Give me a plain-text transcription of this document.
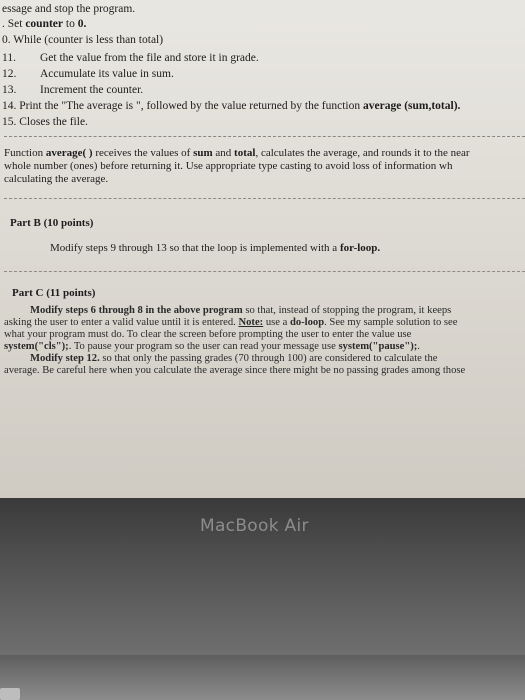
essage and stop the program.
. Set counter to 0.
0. While (counter is less than total)
11. Get the value from the file and store it in grade.
12. Accumulate its value in sum.
13. Increment the counter.
14. Print the "The average is ", followed by the value returned by the function average (sum,total).
15. Closes the file.
Function average( ) receives the values of sum and total, calculates the average, and rounds it to the near
whole number (ones) before returning it. Use appropriate type casting to avoid loss of information wh
calculating the average.
Part B (10 points)
Modify steps 9 through 13 so that the loop is implemented with a for-loop.
Part C (11 points)
Modify steps 6 through 8 in the above program so that, instead of stopping the program, it keeps
asking the user to enter a valid value until it is entered. Note: use a do-loop. See my sample solution to see
what your program must do. To clear the screen before prompting the user to enter the value use
system("cls");. To pause your program so the user can read your message use system("pause");.
Modify step 12. so that only the passing grades (70 through 100) are considered to calculate the
average. Be careful here when you calculate the average since there might be no passing grades among those
MacBook Air
